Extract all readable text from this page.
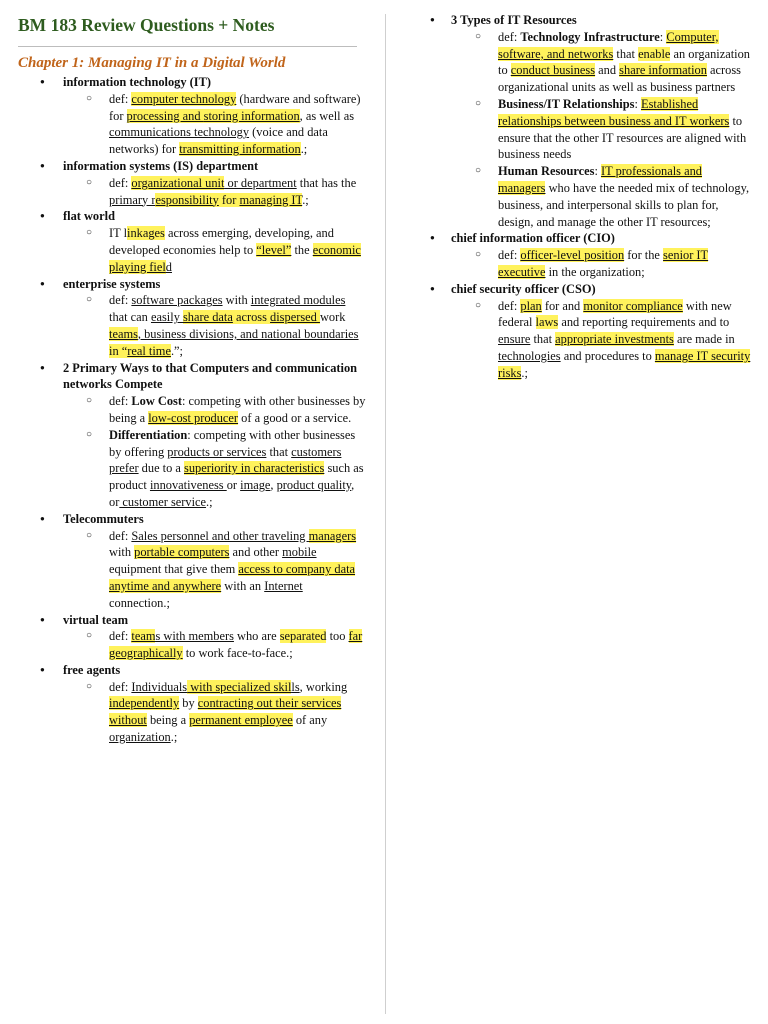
BM 183 Review Questions + Notes
Chapter 1: Managing IT in a Digital World
● information technology (IT)
○ def: computer technology (hardware and software) for processing and storing information, as well as communications technology (voice and data networks) for transmitting information.;
● information systems (IS) department
○ def: organizational unit or department that has the primary responsibility for managing IT.;
● flat world
○ IT linkages across emerging, developing, and developed economies help to “level” the economic playing field
● enterprise systems
○ def: software packages with integrated modules that can easily share data across dispersed work teams, business divisions, and national boundaries in “real time.”;
● 2 Primary Ways to that Computers and communication networks Compete
○ def: Low Cost: competing with other businesses by being a low-cost producer of a good or a service.
○ Differentiation: competing with other businesses by offering products or services that customers prefer due to a superiority in characteristics such as product innovativeness or image, product quality, or customer service.;
● Telecommuters
○ def: Sales personnel and other traveling managers with portable computers and other mobile equipment that give them access to company data anytime and anywhere with an Internet connection.;
● virtual team
○ def: teams with members who are separated too far geographically to work face-to-face.;
● free agents
○ def: Individuals with specialized skills, working independently by contracting out their services without being a permanent employee of any organization.;
● 3 Types of IT Resources
○ def: Technology Infrastructure: Computer, software, and networks that enable an organization to conduct business and share information across organizational units as well as business partners
○ Business/IT Relationships: Established relationships between business and IT workers to ensure that the other IT resources are aligned with business needs
○ Human Resources: IT professionals and managers who have the needed mix of technology, business, and interpersonal skills to plan for, design, and manage the other IT resources;
● chief information officer (CIO)
○ def: officer-level position for the senior IT executive in the organization;
● chief security officer (CSO)
○ def: plan for and monitor compliance with new federal laws and reporting requirements and to ensure that appropriate investments are made in technologies and procedures to manage IT security risks.;
